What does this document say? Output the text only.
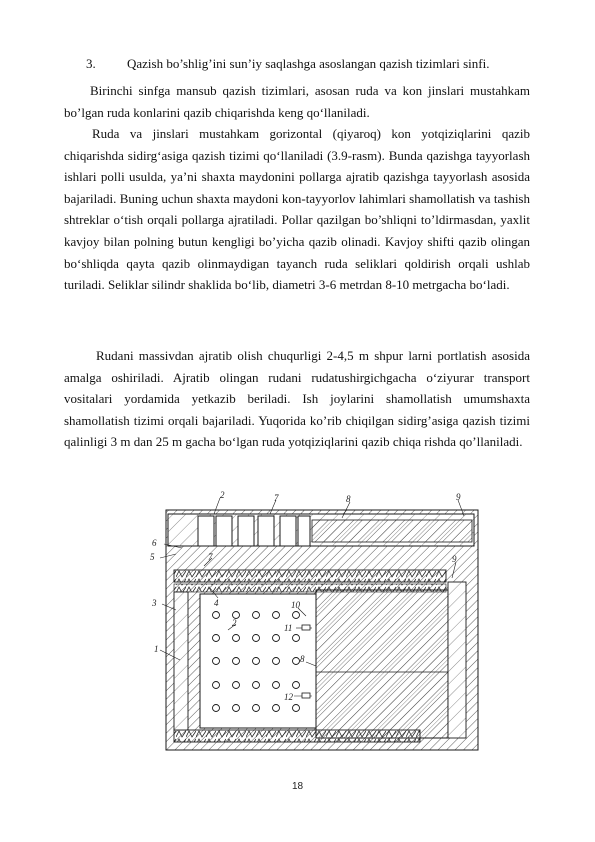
3. Qazish bo’shlig’ini sun’iy saqlashga asoslangan qazish tizimlari sinfi.

Birinchi sinfga mansub qazish tizimlari, asosan ruda va kon jinslari mustahkam bo’lgan ruda konlarini qazib chiqarishda keng qo‘llaniladi.

Ruda va jinslari mustahkam gorizontal (qiyaroq) kon yotqiziqlarini qazib chiqarishda sidirg‘asiga qazish tizimi qo‘llaniladi (3.9-rasm). Bunda qazishga tayyorlash ishlari polli usulda, ya’ni shaxta maydonini pollarga ajratib qazishga tayyorlash asosida bajariladi. Buning uchun shaxta maydoni kon-tayyorlov lahimlari shamollatish va tashish shtreklar o‘tish orqali pollarga ajratiladi. Pollar qazilgan bo’shliqni to’ldirmasdan, yaxlit kavjoy bilan polning butun kengligi bo’yicha qazib olinadi. Kavjoy shifti qazib olingan bo‘shliqda qayta qazib olinmaydigan tayanch ruda seliklari qoldirish orqali ushlab turiladi. Seliklar silindr shaklida bo‘lib, diametri 3-6 metrdan 8-10 metrgacha bo‘ladi.

Rudani massivdan ajratib olish chuqurligi 2-4,5 m shpur larni portlatish asosida amalga oshiriladi. Ajratib olingan rudani rudatushirgichgacha o‘ziyurar transport vositalari yordamida yetkazib beriladi. Ish joylarini shamollatish umumshaxta shamollatish tizimi orqali bajariladi. Yuqorida ko’rib chiqilgan sidirg’asiga qazish tizimi qalinligi 3 m dan 25 m gacha bo‘lgan ruda yotqiziqlarini qazib chiqa rishda qo’llaniladi.

2	7	8	9
6
5	7	9
4
3	10
11
2
1
8
12
18
